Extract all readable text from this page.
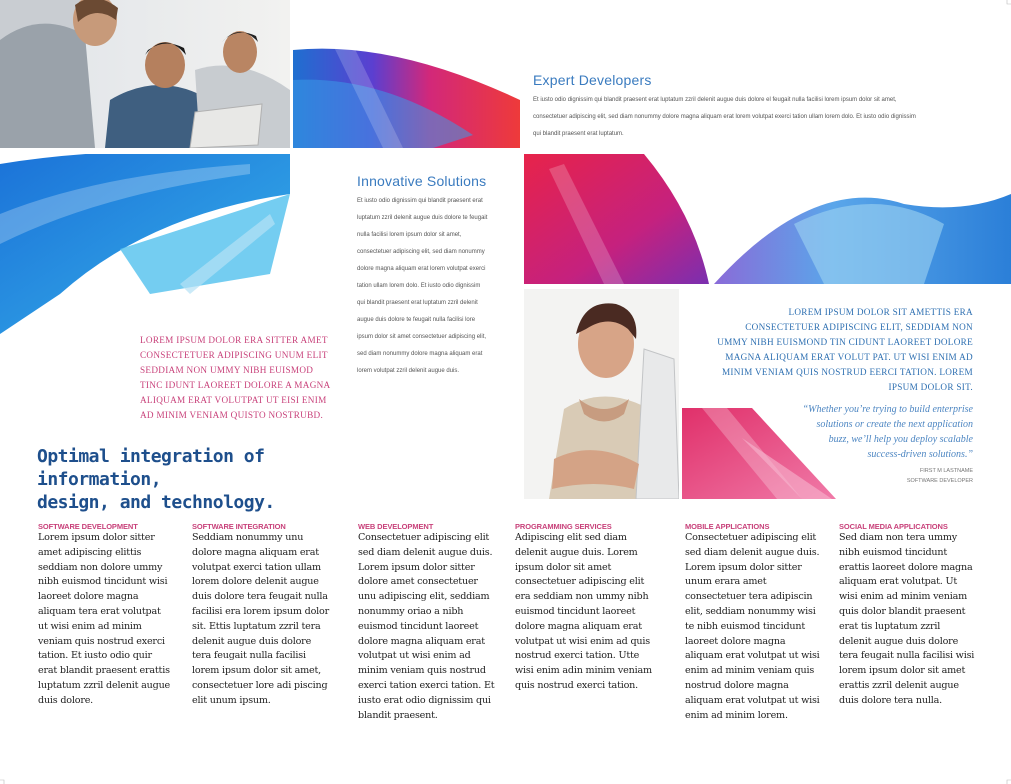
Expert Developers
Et iusto odio dignissim qui blandit praesent erat luptatum zzril delenit augue duis dolore el feugait nulla facilisi lorem ipsum dolor sit amet, consectetuer adipiscing elit, sed diam nonummy dolore magna aliquam erat lorem volutpat exerci tation ullam lorem dolo. Et iusto odio dignissim qui blandit praesent erat luptatum.
Innovative Solutions
Et iusto odio dignissim qui blandit praesent erat luptatum zzril delenit augue duis dolore te feugait nulla facilisi lorem ipsum dolor sit amet, consectetuer adipiscing elit, sed diam nonummy dolore magna aliquam erat lorem volutpat exerci tation ullam lorem dolo. Et iusto odio dignissim qui blandit praesent erat luptatum zzril delenit augue duis dolore te feugait nulla facilisi lore ipsum dolor sit amet consectetuer adipiscing elit, sed diam nonummy dolore magna aliquam erat lorem volutpat zzril delenit augue duis.
LOREM IPSUM DOLOR ERA SITTER AMET CONSECTETUER ADIPISCING UNUM ELIT SEDDIAM NON UMMY NIBH EUISMOD TINC IDUNT LAOREET DOLORE A MAGNA ALIQUAM ERAT VOLUTPAT UT EISI ENIM AD MINIM VENIAM QUISTO NOSTRUBD.
LOREM IPSUM DOLOR SIT AMETTIS ERA CONSECTETUER ADIPISCING ELIT, SEDDIAM NON UMMY NIBH EUISMOND TIN CIDUNT LAOREET DOLORE MAGNA ALIQUAM ERAT VOLUT PAT. UT WISI ENIM AD MINIM VENIAM QUIS NOSTRUD EERCI TATION. LOREM IPSUM DOLOR SIT.
“Whether you’re trying to build enterprise solutions or create the next application buzz, we’ll help you deploy scalable success-driven solutions.”
FIRST M LASTNAME
SOFTWARE DEVELOPER
Optimal integration of information,
design, and technology.
SOFTWARE DEVELOPMENT
Lorem ipsum dolor sitter amet adipiscing elittis seddiam non dolore ummy nibh euismod tincidunt wisi laoreet dolore magna aliquam tera erat volutpat ut wisi enim ad minim veniam quis nostrud exerci tation. Et iusto odio quir erat blandit praesent erattis luptatum zzril delenit augue duis dolore.
SOFTWARE INTEGRATION
Seddiam nonummy unu dolore magna aliquam erat volutpat exerci tation ullam lorem dolore delenit augue duis dolore tera feugait nulla facilisi era lorem ipsum dolor sit. Ettis luptatum zzril tera delenit augue duis dolore tera feugait nulla facilisi lorem ipsum dolor sit amet, consectetuer lore adi piscing elit unum ipsum.
WEB DEVELOPMENT
Consectetuer adipiscing elit sed diam delenit augue duis. Lorem ipsum dolor sitter dolore amet consectetuer unu adipiscing elit, seddiam nonummy oriao a nibh euismod tincidunt laoreet dolore magna aliquam erat volutpat ut wisi enim ad minim veniam quis nostrud exerci tation exerci tation. Et iusto erat odio dignissim qui blandit praesent.
PROGRAMMING SERVICES
Adipiscing elit sed diam delenit augue duis. Lorem ipsum dolor sit amet consectetuer adipiscing elit era seddiam non ummy nibh euismod tincidunt laoreet dolore magna aliquam erat volutpat ut wisi enim ad quis nostrud exerci tation. Utte wisi enim adin minim veniam quis nostrud exerci tation.
MOBILE APPLICATIONS
Consectetuer adipiscing elit sed diam delenit augue duis. Lorem ipsum dolor sitter unum erara amet consectetuer tera adipiscin elit, seddiam nonummy wisi te nibh euismod tincidunt laoreet dolore magna aliquam erat volutpat ut wisi enim ad minim veniam quis nostrud dolore magna aliquam erat volutpat ut wisi enim ad minim lorem.
SOCIAL MEDIA APPLICATIONS
Sed diam non tera ummy nibh euismod tincidunt erattis laoreet dolore magna aliquam erat volutpat. Ut wisi enim ad minim veniam quis dolor blandit praesent erat tis luptatum zzril delenit augue duis dolore tera feugait nulla facilisi wisi lorem ipsum dolor sit amet erattis zzril delenit augue duis dolore tera nulla.
